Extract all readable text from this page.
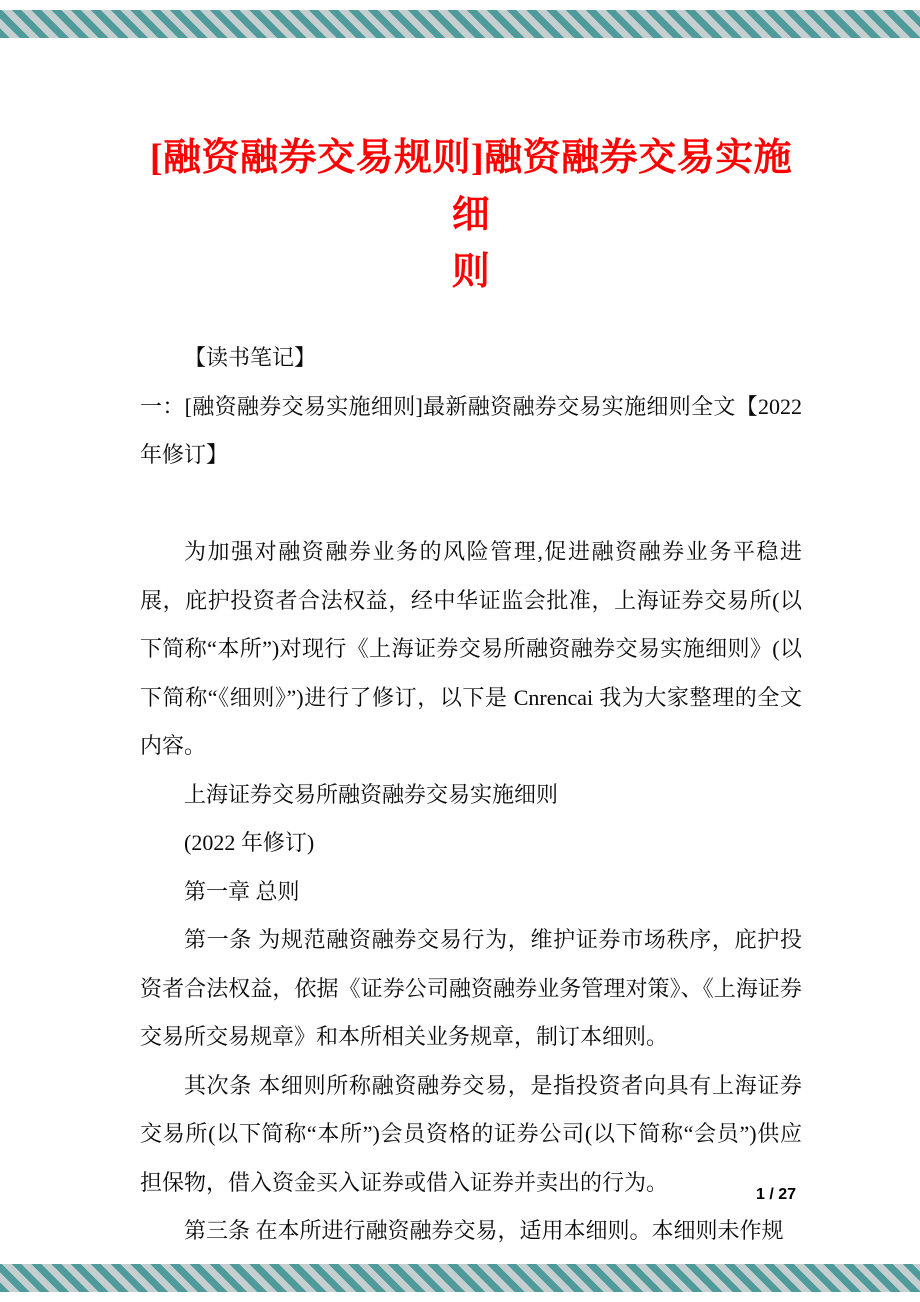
[融资融券交易规则]融资融券交易实施细
则

【读书笔记】

一：[融资融券交易实施细则]最新融资融券交易实施细则全文【2022年修订】

为加强对融资融券业务的风险管理,促进融资融券业务平稳进展，庇护投资者合法权益，经中华证监会批准，上海证券交易所(以下简称“本所”)对现行《上海证券交易所融资融券交易实施细则》(以下简称“《细则》”)进行了修订，以下是 Cnrencai 我为大家整理的全文内容。

上海证券交易所融资融券交易实施细则

(2022 年修订)

第一章 总则

第一条 为规范融资融券交易行为，维护证券市场秩序，庇护投资者合法权益，依据《证券公司融资融券业务管理对策》、《上海证券交易所交易规章》和本所相关业务规章，制订本细则。

其次条 本细则所称融资融券交易，是指投资者向具有上海证券交易所(以下简称“本所”)会员资格的证券公司(以下简称“会员”)供应担保物，借入资金买入证券或借入证券并卖出的行为。

第三条 在本所进行融资融券交易，适用本细则。本细则未作规

1 / 27
